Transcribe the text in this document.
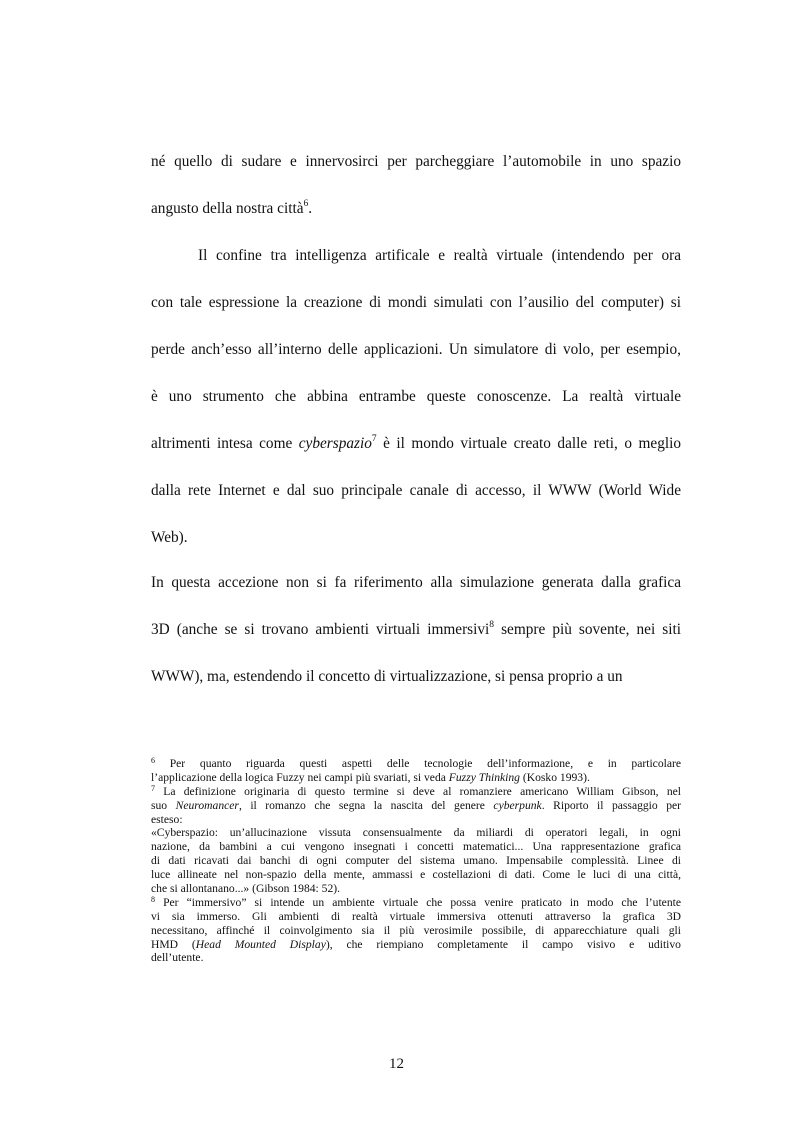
né quello di sudare e innervosirci per parcheggiare l’automobile in uno spazio
angusto della nostra città$^6$.
Il confine tra intelligenza artificale e realtà virtuale (intendendo per ora
con tale espressione la creazione di mondi simulati con l’ausilio del computer) si
perde anch’esso all’interno delle applicazioni. Un simulatore di volo, per esempio,
è uno strumento che abbina entrambe queste conoscenze. La realtà virtuale
altrimenti intesa come cyberspazio$^7$ è il mondo virtuale creato dalle reti, o meglio
dalla rete Internet e dal suo principale canale di accesso, il WWW (World Wide
Web).
In questa accezione non si fa riferimento alla simulazione generata dalla grafica
3D (anche se si trovano ambienti virtuali immersivi$^8$ sempre più sovente, nei siti
WWW), ma, estendendo il concetto di virtualizzazione, si pensa proprio a un
$^6$ Per quanto riguarda questi aspetti delle tecnologie dell’informazione, e in particolare
l’applicazione della logica Fuzzy nei campi più svariati, si veda Fuzzy Thinking (Kosko 1993).
$^7$ La definizione originaria di questo termine si deve al romanziere americano William Gibson, nel
suo Neuromancer, il romanzo che segna la nascita del genere cyberpunk. Riporto il passaggio per
esteso:
«Cyberspazio: un’allucinazione vissuta consensualmente da miliardi di operatori legali, in ogni
nazione, da bambini a cui vengono insegnati i concetti matematici... Una rappresentazione grafica
di dati ricavati dai banchi di ogni computer del sistema umano. Impensabile complessità. Linee di
luce allineate nel non-spazio della mente, ammassi e costellazioni di dati. Come le luci di una città,
che si allontanano...» (Gibson 1984: 52).
$^8$ Per “immersivo” si intende un ambiente virtuale che possa venire praticato in modo che l’utente
vi sia immerso. Gli ambienti di realtà virtuale immersiva ottenuti attraverso la grafica 3D
necessitano, affinché il coinvolgimento sia il più verosimile possibile, di apparecchiature quali gli
HMD (Head Mounted Display), che riempiano completamente il campo visivo e uditivo
dell’utente.
12
